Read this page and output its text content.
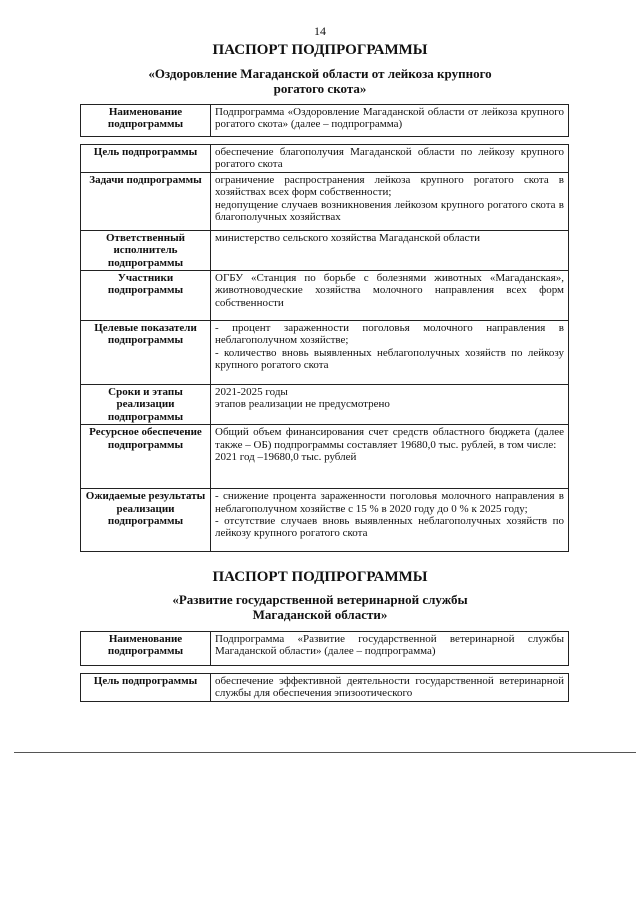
14
ПАСПОРТ ПОДПРОГРАММЫ
«Оздоровление Магаданской области от лейкоза крупного
рогатого скота»
Наименование подпрограммы	Подпрограмма «Оздоровление Магаданской области от лейкоза крупного рогатого скота» (далее – подпрограмма)

Цель подпрограммы	обеспечение благополучия Магаданской области по лейкозу крупного рогатого скота

Задачи подпрограммы	ограничение распространения лейкоза крупного рогатого скота в хозяйствах всех форм собственности;
недопущение случаев возникновения лейкозом крупного рогатого скота в благополучных хозяйствах

Ответственный исполнитель подпрограммы	министерство сельского хозяйства Магаданской области

Участники подпрограммы	ОГБУ «Станция по борьбе с болезнями животных «Магаданская», животноводческие хозяйства молочного направления всех форм собственности

Целевые показатели подпрограммы	- процент зараженности поголовья молочного направления в неблагополучном хозяйстве;
- количество вновь выявленных неблагополучных хозяйств по лейкозу крупного рогатого скота

Сроки и этапы реализации подпрограммы	2021-2025 годы
этапов реализации не предусмотрено

Ресурсное обеспечение подпрограммы	Общий объем финансирования счет средств областного бюджета (далее также – ОБ) подпрограммы составляет 19680,0 тыс. рублей, в том числе:
2021 год –19680,0 тыс. рублей

Ожидаемые результаты реализации подпрограммы	- снижение процента зараженности поголовья молочного направления в неблагополучном хозяйстве с 15 % в 2020 году до 0 % к 2025 году;
- отсутствие случаев вновь выявленных неблагополучных хозяйств по лейкозу крупного рогатого скота
ПАСПОРТ ПОДПРОГРАММЫ
«Развитие государственной ветеринарной службы
Магаданской области»
Наименование подпрограммы	Подпрограмма «Развитие государственной ветеринарной службы Магаданской области» (далее – подпрограмма)

Цель подпрограммы	обеспечение эффективной деятельности государственной ветеринарной службы для обеспечения эпизоотического
